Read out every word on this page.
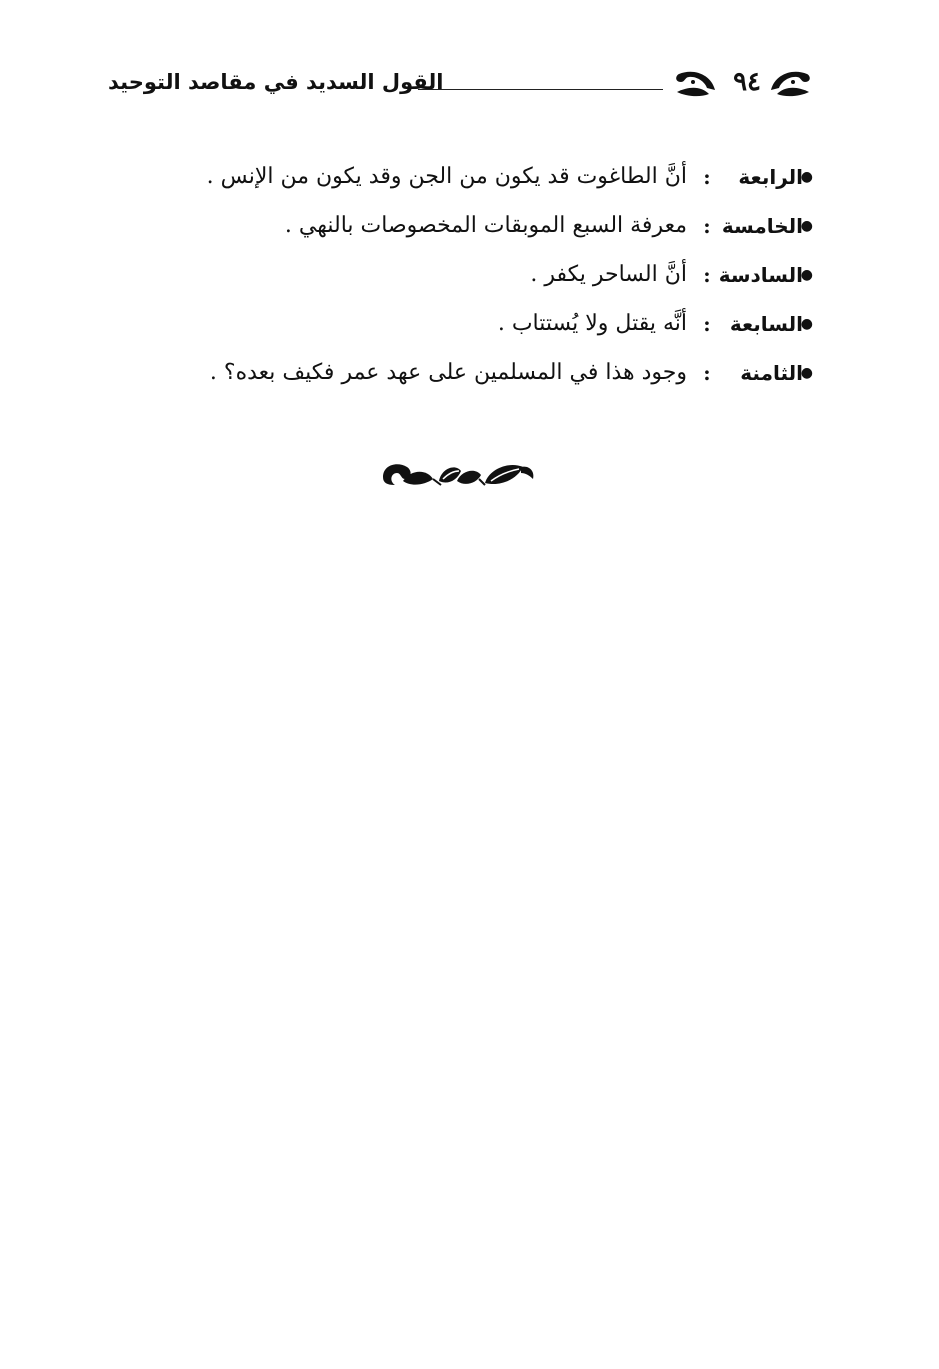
٩٤
القول السديد في مقاصد التوحيد
●
الرابعة
:
أنَّ الطاغوت قد يكون من الجن وقد يكون من الإنس .
●
الخامسة
:
معرفة السبع الموبقات المخصوصات بالنهي .
●
السادسة
:
أنَّ الساحر يكفر .
●
السابعة
:
أنَّه يقتل ولا يُستتاب .
●
الثامنة
:
وجود هذا في المسلمين على عهد عمر فكيف بعده؟ .
